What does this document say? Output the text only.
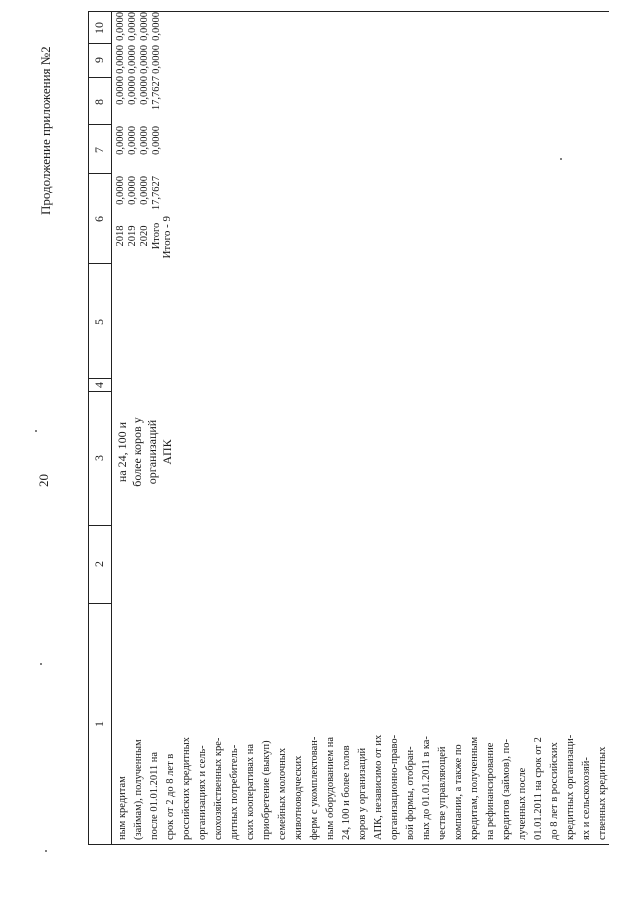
20
Продолжение приложения №2
1
2
3
4
5
6
7
8
9
10
ным кредитам (займам), полученным после 01.01.2011 на срок от 2 до 8 лет в российских кредитных организациях и сель- скохозяйственных кре- дитных потребитель- ских кооперативах на приобретение (выкуп) семейных молочных животноводческих ферм с укомплектован- ным оборудованием на 24, 100 и более голов коров у организаций АПК, независимо от их организационно-право- вой формы, отобран- ных до 01.01.2011 в ка- честве управляющей компании, а также по кредитам, полученным на рефинансирование кредитов (займов), по- лученных после 01.01.2011 на срок от 2 до 8 лет в российских кредитных организаци- ях и сельскохозяй- ственных кредитных
на 24, 100 и более коров у организаций АПК
Итого - 9
2018 2019 2020 Итого
0,0000 0,0000 0,0000 17,7627
0,0000 0,0000 0,0000 0,0000
0,0000 0,0000 0,0000 17,7627
0,0000 0,0000 0,0000 0,0000
0,0000 0,0000 0,0000 0,0000
